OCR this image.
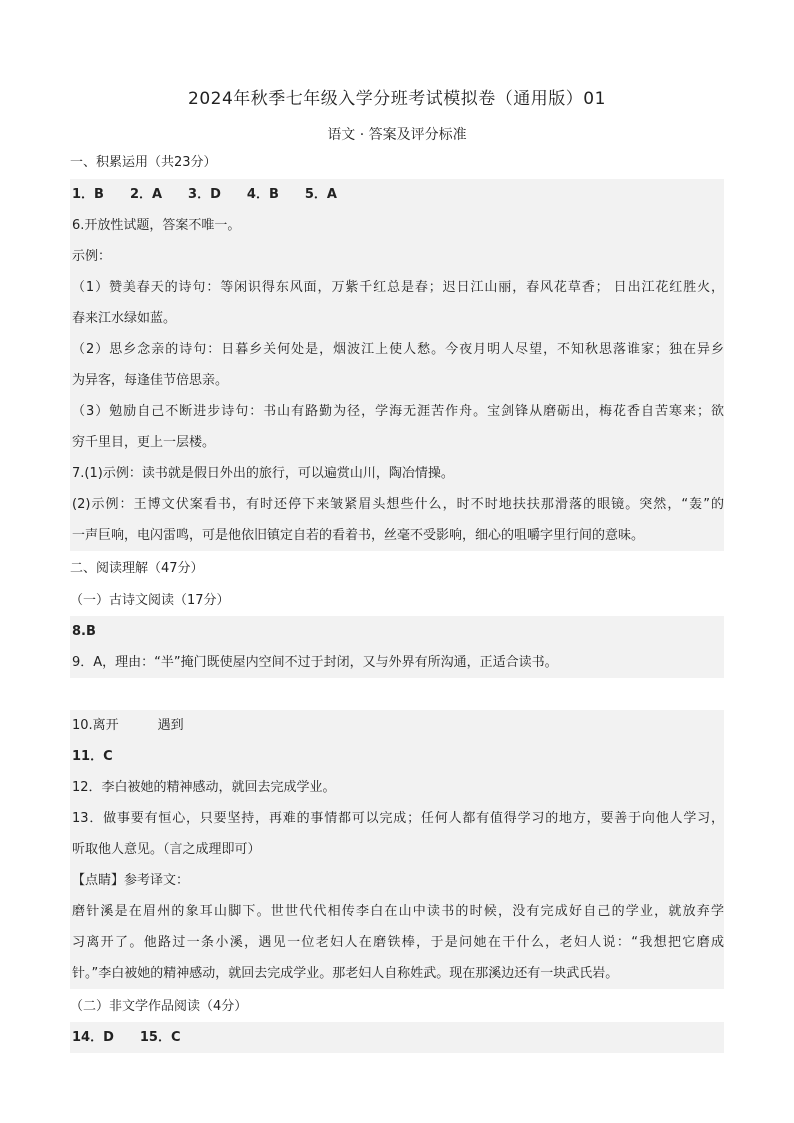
2024年秋季七年级入学分班考试模拟卷（通用版）01
语文 · 答案及评分标准
一、积累运用（共23分）
1．B　　2．A　　3．D　　4．B　　5．A
6.开放性试题，答案不唯一。
示例：
（1）赞美春天的诗句：等闲识得东风面，万紫千红总是春；迟日江山丽，春风花草香； 日出江花红胜火，
春来江水绿如蓝。
（2）思乡念亲的诗句：日暮乡关何处是，烟波江上使人愁。今夜月明人尽望，不知秋思落谁家；独在异乡
为异客，每逢佳节倍思亲。
（3）勉励自己不断进步诗句：书山有路勤为径，学海无涯苦作舟。宝剑锋从磨砺出，梅花香自苦寒来；欲
穷千里目，更上一层楼。
7.(1)示例：读书就是假日外出的旅行，可以遍赏山川，陶冶情操。
(2)示例：王博文伏案看书，有时还停下来皱紧眉头想些什么，时不时地扶扶那滑落的眼镜。突然，“轰”的
一声巨响，电闪雷鸣，可是他依旧镇定自若的看着书，丝毫不受影响，细心的咀嚼字里行间的意味。
二、阅读理解（47分）
（一）古诗文阅读（17分）
8.B
9．A，理由：“半”掩门既使屋内空间不过于封闭，又与外界有所沟通，正适合读书。
10.离开　　　遇到
11．C
12．李白被她的精神感动，就回去完成学业。
13．做事要有恒心，只要坚持，再难的事情都可以完成；任何人都有值得学习的地方，要善于向他人学习，
听取他人意见。（言之成理即可）
【点睛】参考译文：
磨针溪是在眉州的象耳山脚下。世世代代相传李白在山中读书的时候，没有完成好自己的学业，就放弃学
习离开了。他路过一条小溪，遇见一位老妇人在磨铁棒，于是问她在干什么，老妇人说：“我想把它磨成
针。”李白被她的精神感动，就回去完成学业。那老妇人自称姓武。现在那溪边还有一块武氏岩。
（二）非文学作品阅读（4分）
14．D　　15．C
